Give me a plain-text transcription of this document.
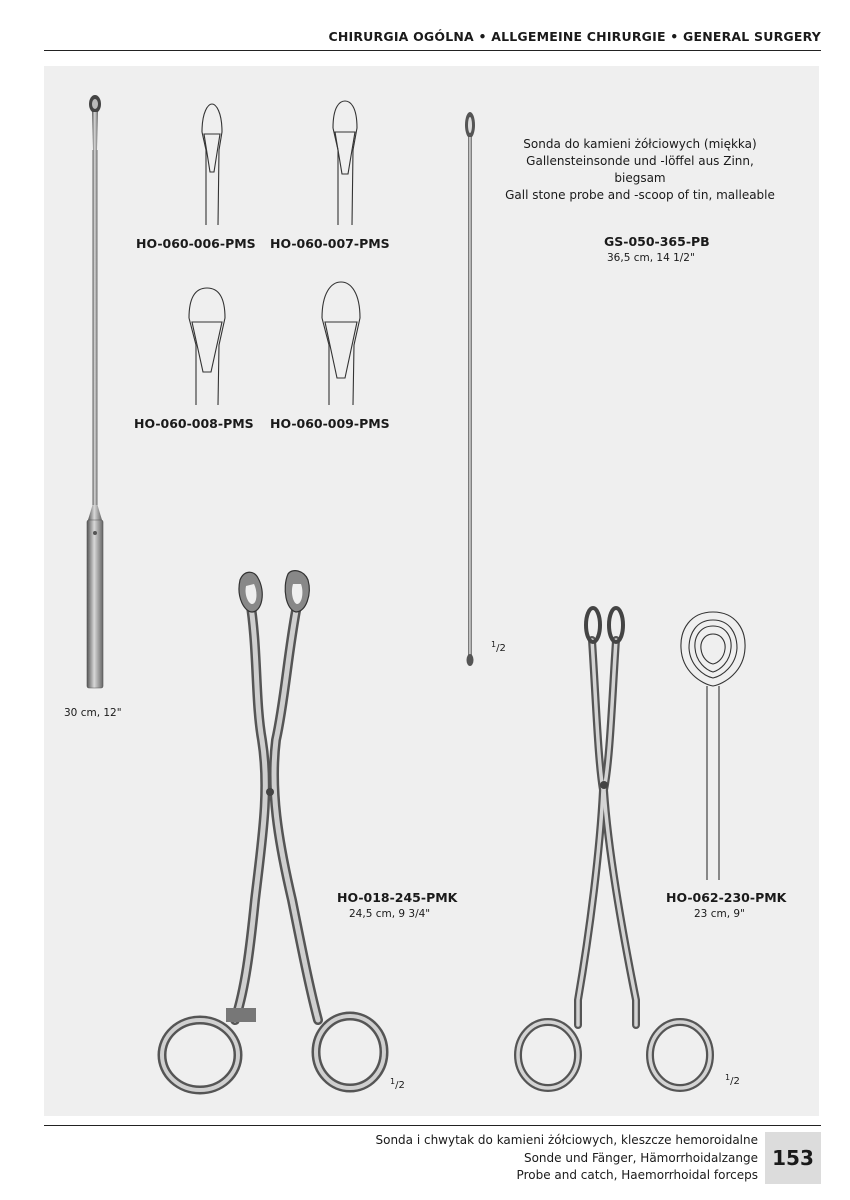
CHIRURGIA OGÓLNA • ALLGEMEINE CHIRURGIE • GENERAL SURGERY
30 cm, 12"
HO-060-006-PMS HO-060-007-PMS
HO-060-008-PMS HO-060-009-PMS
Sonda do kamieni żółciowych (miękka)
Gallensteinsonde und -löffel aus Zinn, biegsam
Gall stone probe and -scoop of tin, malleable
GS-050-365-PB
36,5 cm, 14 1/2"
HO-018-245-PMK
24,5 cm, 9 3/4"
HO-062-230-PMK
23 cm, 9"
$^1$/2
$^1$/2
$^1$/2
Sonda i chwytak do kamieni żółciowych, kleszcze hemoroidalne
Sonde und Fänger, Hämorrhoidalzange
Probe and catch, Haemorrhoidal forceps
153
